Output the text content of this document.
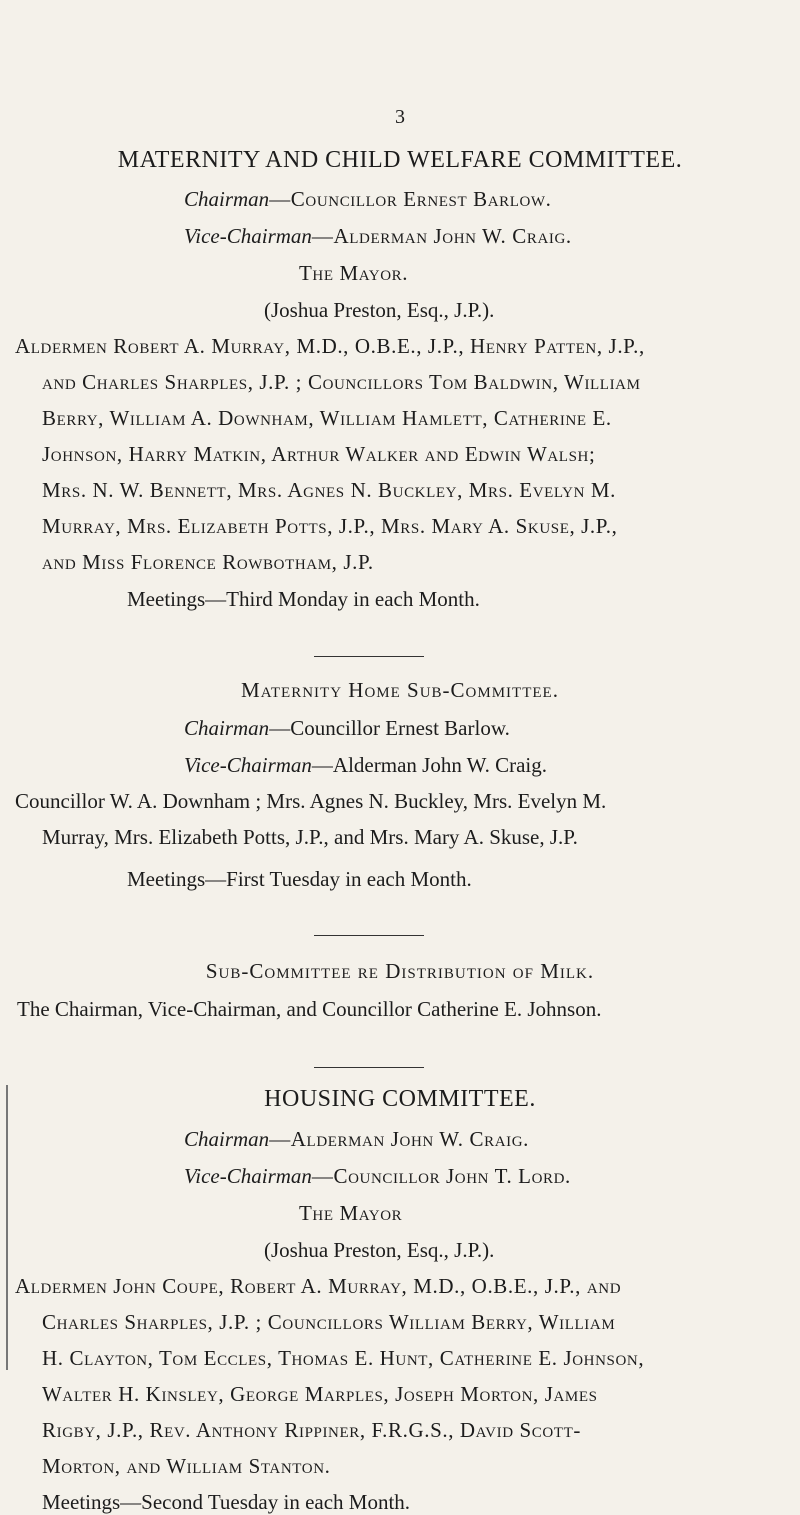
3
MATERNITY AND CHILD WELFARE COMMITTEE.
Chairman—Councillor Ernest Barlow.
Vice-Chairman—Alderman John W. Craig.
The Mayor.
(Joshua Preston, Esq., J.P.).
Aldermen Robert A. Murray, M.D., O.B.E., J.P., Henry Patten, J.P.,
and Charles Sharples, J.P. ; Councillors Tom Baldwin, William
Berry, William A. Downham, William Hamlett, Catherine E.
Johnson, Harry Matkin, Arthur Walker and Edwin Walsh;
Mrs. N. W. Bennett, Mrs. Agnes N. Buckley, Mrs. Evelyn M.
Murray, Mrs. Elizabeth Potts, J.P., Mrs. Mary A. Skuse, J.P.,
and Miss Florence Rowbotham, J.P.
Meetings—Third Monday in each Month.
Maternity Home Sub-Committee.
Chairman—Councillor Ernest Barlow.
Vice-Chairman—Alderman John W. Craig.
Councillor W. A. Downham ; Mrs. Agnes N. Buckley, Mrs. Evelyn M.
Murray, Mrs. Elizabeth Potts, J.P., and Mrs. Mary A. Skuse, J.P.
Meetings—First Tuesday in each Month.
Sub-Committee re Distribution of Milk.
The Chairman, Vice-Chairman, and Councillor Catherine E. Johnson.
HOUSING COMMITTEE.
Chairman—Alderman John W. Craig.
Vice-Chairman—Councillor John T. Lord.
The Mayor
(Joshua Preston, Esq., J.P.).
Aldermen John Coupe, Robert A. Murray, M.D., O.B.E., J.P., and
Charles Sharples, J.P. ; Councillors William Berry, William
H. Clayton, Tom Eccles, Thomas E. Hunt, Catherine E. Johnson,
Walter H. Kinsley, George Marples, Joseph Morton, James
Rigby, J.P., Rev. Anthony Rippiner, F.R.G.S., David Scott-
Morton, and William Stanton.
Meetings—Second Tuesday in each Month.
